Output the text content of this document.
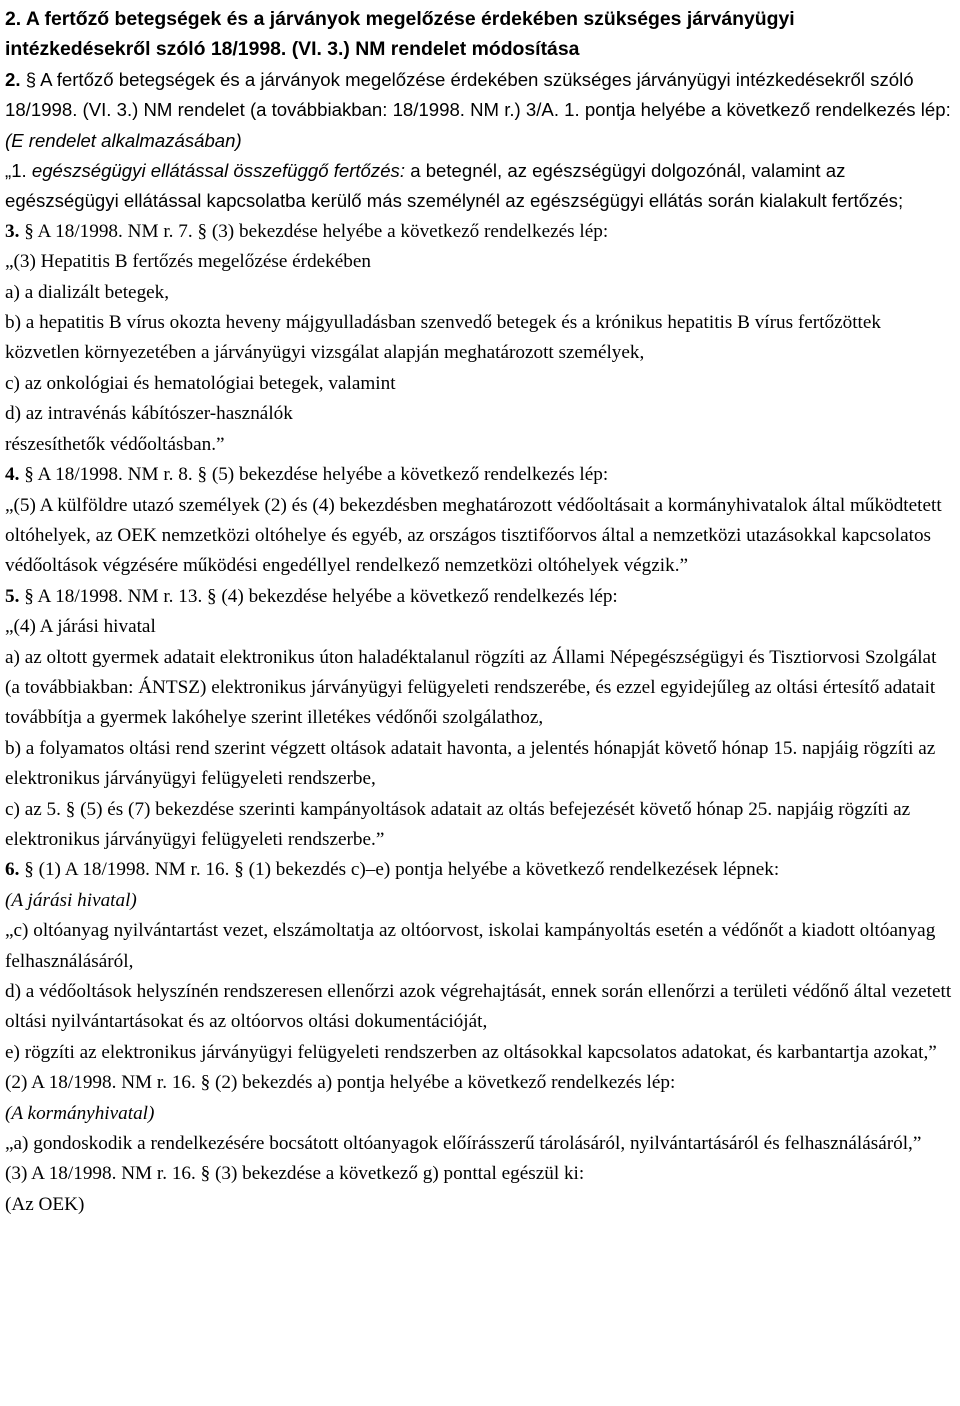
2. A fertőző betegségek és a járványok megelőzése érdekében szükséges járványügyi
intézkedésekről szóló 18/1998. (VI. 3.) NM rendelet módosítása
2. § A fertőző betegségek és a járványok megelőzése érdekében szükséges járványügyi intézkedésekről szóló 18/1998. (VI. 3.) NM rendelet (a továbbiakban: 18/1998. NM r.) 3/A. 1. pontja helyébe a következő rendelkezés lép:
(E rendelet alkalmazásában)
„1. egészségügyi ellátással összefüggő fertőzés: a betegnél, az egészségügyi dolgozónál, valamint az egészségügyi ellátással kapcsolatba kerülő más személynél az egészségügyi ellátás során kialakult fertőzés;
3. § A 18/1998. NM r. 7. § (3) bekezdése helyébe a következő rendelkezés lép:
„(3) Hepatitis B fertőzés megelőzése érdekében
a) a dializált betegek,
b) a hepatitis B vírus okozta heveny májgyulladásban szenvedő betegek és a krónikus hepatitis B vírus fertőzöttek közvetlen környezetében a járványügyi vizsgálat alapján meghatározott személyek,
c) az onkológiai és hematológiai betegek, valamint
d) az intravénás kábítószer-használók
részesíthetők védőoltásban.”
4. § A 18/1998. NM r. 8. § (5) bekezdése helyébe a következő rendelkezés lép:
„(5) A külföldre utazó személyek (2) és (4) bekezdésben meghatározott védőoltásait a kormányhivatalok által működtetett oltóhelyek, az OEK nemzetközi oltóhelye és egyéb, az országos tisztifőorvos által a nemzetközi utazásokkal kapcsolatos védőoltások végzésére működési engedéllyel rendelkező nemzetközi oltóhelyek végzik.”
5. § A 18/1998. NM r. 13. § (4) bekezdése helyébe a következő rendelkezés lép:
„(4) A járási hivatal
a) az oltott gyermek adatait elektronikus úton haladéktalanul rögzíti az Állami Népegészségügyi és Tisztiorvosi Szolgálat (a továbbiakban: ÁNTSZ) elektronikus járványügyi felügyeleti rendszerébe, és ezzel egyidejűleg az oltási értesítő adatait továbbítja a gyermek lakóhelye szerint illetékes védőnői szolgálathoz,
b) a folyamatos oltási rend szerint végzett oltások adatait havonta, a jelentés hónapját követő hónap 15. napjáig rögzíti az elektronikus járványügyi felügyeleti rendszerbe,
c) az 5. § (5) és (7) bekezdése szerinti kampányoltások adatait az oltás befejezését követő hónap 25. napjáig rögzíti az elektronikus járványügyi felügyeleti rendszerbe.”
6. § (1) A 18/1998. NM r. 16. § (1) bekezdés c)–e) pontja helyébe a következő rendelkezések lépnek:
(A járási hivatal)
„c) oltóanyag nyilvántartást vezet, elszámoltatja az oltóorvost, iskolai kampányoltás esetén a védőnőt a kiadott oltóanyag felhasználásáról,
d) a védőoltások helyszínén rendszeresen ellenőrzi azok végrehajtását, ennek során ellenőrzi a területi védőnő által vezetett oltási nyilvántartásokat és az oltóorvos oltási dokumentációját,
e) rögzíti az elektronikus járványügyi felügyeleti rendszerben az oltásokkal kapcsolatos adatokat, és karbantartja azokat,”
(2) A 18/1998. NM r. 16. § (2) bekezdés a) pontja helyébe a következő rendelkezés lép:
(A kormányhivatal)
„a) gondoskodik a rendelkezésére bocsátott oltóanyagok előírásszerű tárolásáról, nyilvántartásáról és felhasználásáról,”
(3) A 18/1998. NM r. 16. § (3) bekezdése a következő g) ponttal egészül ki:
(Az OEK)
